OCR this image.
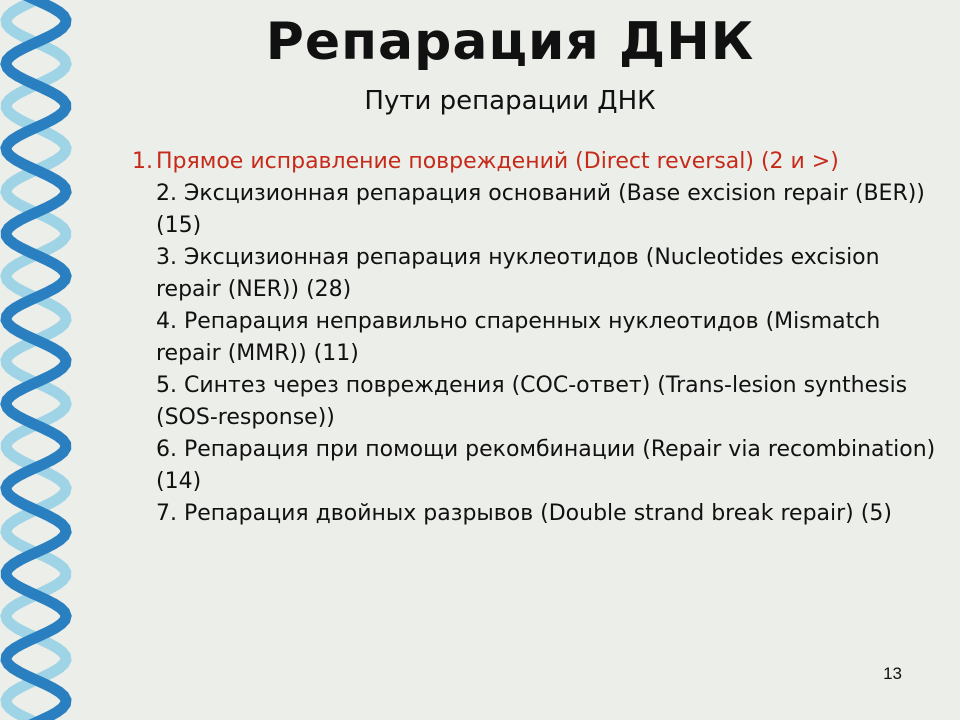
Репарация ДНК
Пути репарации ДНК
1. Прямое исправление повреждений (Direct reversal) (2 и >)
2. Эксцизионная репарация оснований (Base excision repair (BER)) (15)
3. Эксцизионная репарация нуклеотидов (Nucleotides excision repair (NER)) (28)
4. Репарация неправильно спаренных нуклеотидов (Mismatch repair (MMR)) (11)
5. Синтез через повреждения (СОС-ответ) (Trans-lesion synthesis (SOS-response))
6. Репарация при помощи рекомбинации (Repair via recombination) (14)
7. Репарация двойных разрывов (Double strand break repair) (5)
13
